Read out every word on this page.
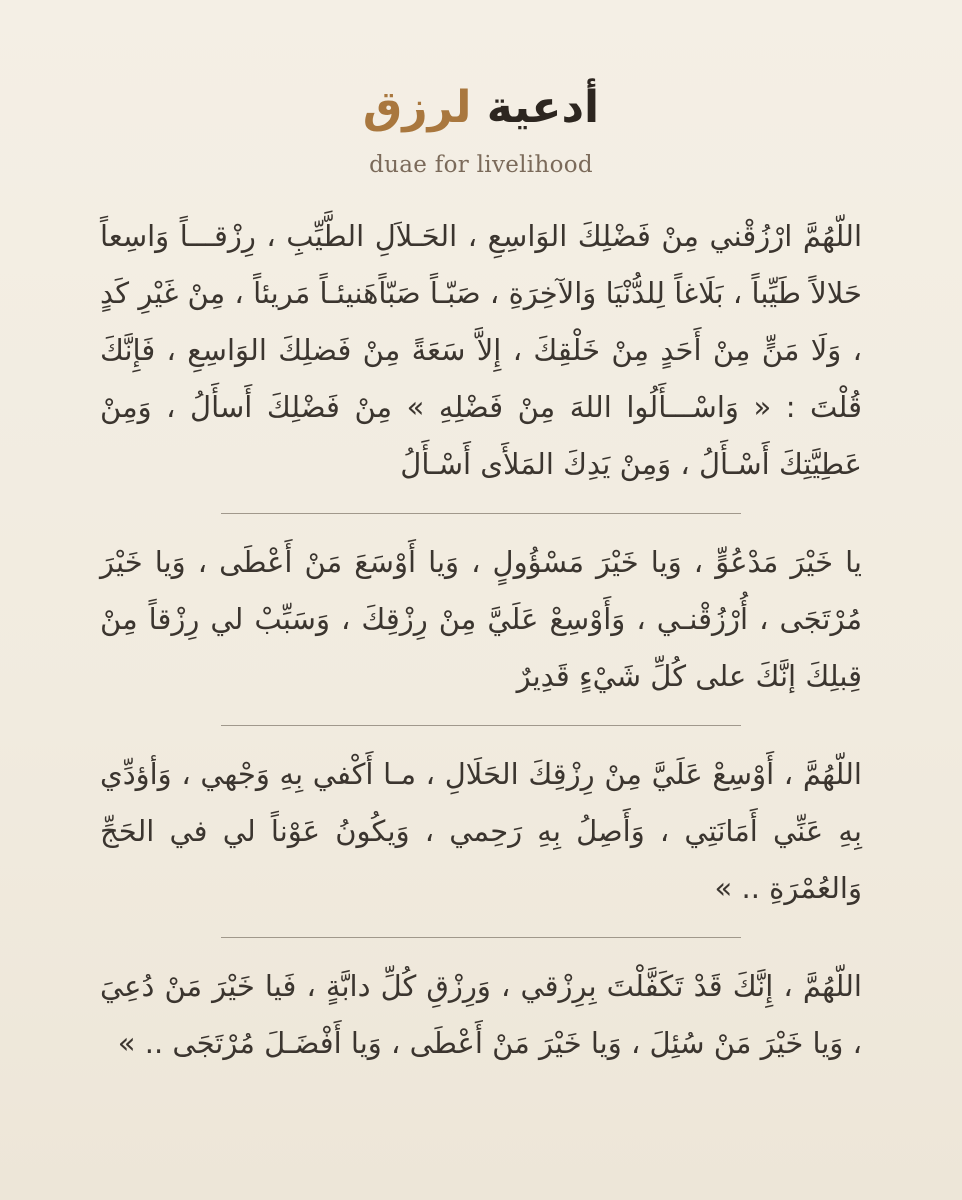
أدعية لرزق
duae for livelihood

اللّهُمَّ ارْزُقْني مِنْ فَضْلِكَ الوَاسِعِ ، الحَـلاَلِ الطَّيِّبِ ، رِزْقـــاً وَاسِعاً حَلالاً طَيِّباً ، بَلَاغاً لِلدُّنْيَا وَالآخِرَةِ ، صَبّـاً صَبّاًهَنيئـاً مَريئاً ، مِنْ غَيْرِ كَدٍ ، وَلَا مَنٍّ مِنْ أَحَدٍ مِنْ خَلْقِكَ ، إِلاَّ سَعَةً مِنْ فَضلِكَ الوَاسِعِ ، فَإِنَّكَ قُلْتَ : « وَاسْـــأَلُوا اللهَ مِنْ فَضْلِهِ » مِنْ فَضْلِكَ أَسأَلُ ، وَمِنْ عَطِيَّتِكَ أَسْـأَلُ ، وَمِنْ يَدِكَ المَلأَى أَسْـأَلُ

يا خَيْرَ مَدْعُوٍّ ، وَيا خَيْرَ مَسْؤُولٍ ، وَيا أَوْسَعَ مَنْ أَعْطَى ، وَيا خَيْرَ مُرْتَجَى ، أُرْزُقْنـي ، وَأَوْسِعْ عَلَيَّ مِنْ رِزْقِكَ ، وَسَبِّبْ لي رِزْقاً مِنْ قِبلِكَ إنَّكَ على كُلِّ شَيْءٍ قَدِيرٌ

اللّهُمَّ ، أَوْسِعْ عَلَيَّ مِنْ رِزْقِكَ الحَلَالِ ، مـا أَكْفي بِهِ وَجْهي ، وَأؤدِّي بِهِ عَنِّي أَمَانَتِي ، وَأَصِلُ بِهِ رَحِمي ، وَيكُونُ عَوْناً لي في الحَجِّ وَالعُمْرَةِ .. »

اللّهُمَّ ، إِنَّكَ قَدْ تَكَفَّلْتَ بِرِزْقي ، وَرِزْقِ كُلِّ دابَّةٍ ، فَيا خَيْرَ مَنْ دُعِيَ ، وَيا خَيْرَ مَنْ سُئِلَ ، وَيا خَيْرَ مَنْ أَعْطَى ، وَيا أَفْضَـلَ مُرْتَجَى .. »
